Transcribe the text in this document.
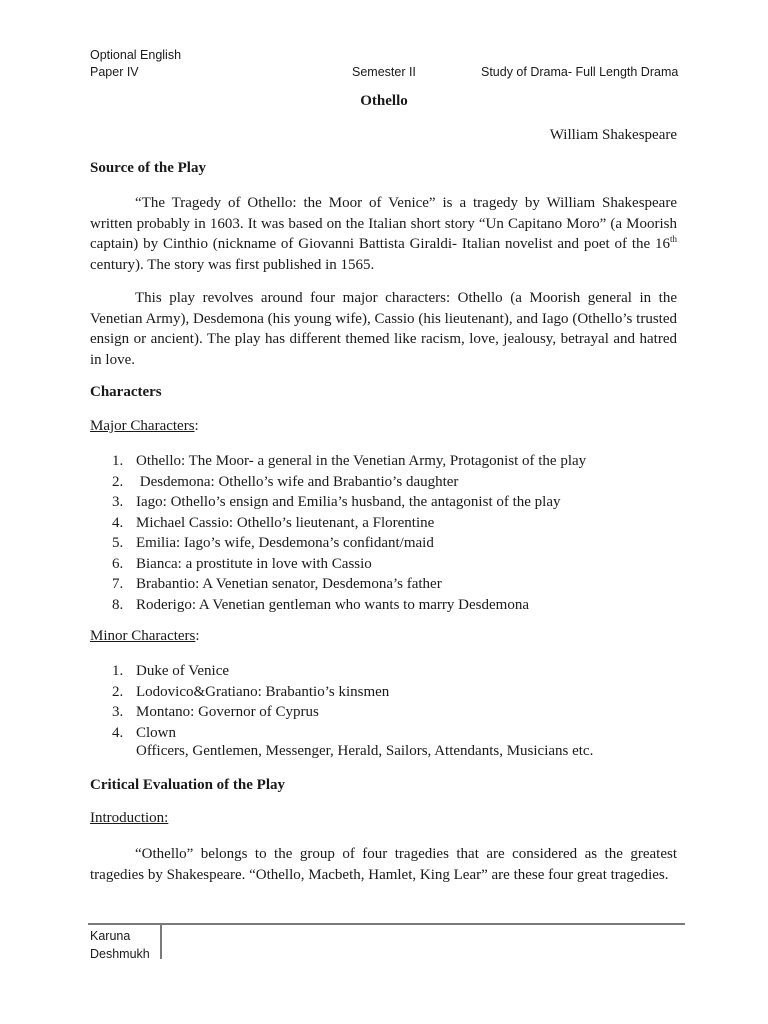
Optional English
Paper IV	Semester II	Study of Drama- Full Length Drama
Othello
William Shakespeare
Source of the Play
“The Tragedy of Othello: the Moor of Venice” is a tragedy by William Shakespeare written probably in 1603. It was based on the Italian short story “Un Capitano Moro” (a Moorish captain) by Cinthio (nickname of Giovanni Battista Giraldi- Italian novelist and poet of the 16th century). The story was first published in 1565.
This play revolves around four major characters: Othello (a Moorish general in the Venetian Army), Desdemona (his young wife), Cassio (his lieutenant), and Iago (Othello’s trusted ensign or ancient). The play has different themed like racism, love, jealousy, betrayal and hatred in love.
Characters
Major Characters:
1. Othello: The Moor- a general in the Venetian Army, Protagonist of the play
2. Desdemona: Othello’s wife and Brabantio’s daughter
3. Iago: Othello’s ensign and Emilia’s husband, the antagonist of the play
4. Michael Cassio: Othello’s lieutenant, a Florentine
5. Emilia: Iago’s wife, Desdemona’s confidant/maid
6. Bianca: a prostitute in love with Cassio
7. Brabantio: A Venetian senator, Desdemona’s father
8. Roderigo: A Venetian gentleman who wants to marry Desdemona
Minor Characters:
1. Duke of Venice
2. Lodovico&Gratiano: Brabantio’s kinsmen
3. Montano: Governor of Cyprus
4. Clown
Officers, Gentlemen, Messenger, Herald, Sailors, Attendants, Musicians etc.
Critical Evaluation of the Play
Introduction:
“Othello” belongs to the group of four tragedies that are considered as the greatest tragedies by Shakespeare. “Othello, Macbeth, Hamlet, King Lear” are these four great tragedies.
Karuna
Deshmukh
